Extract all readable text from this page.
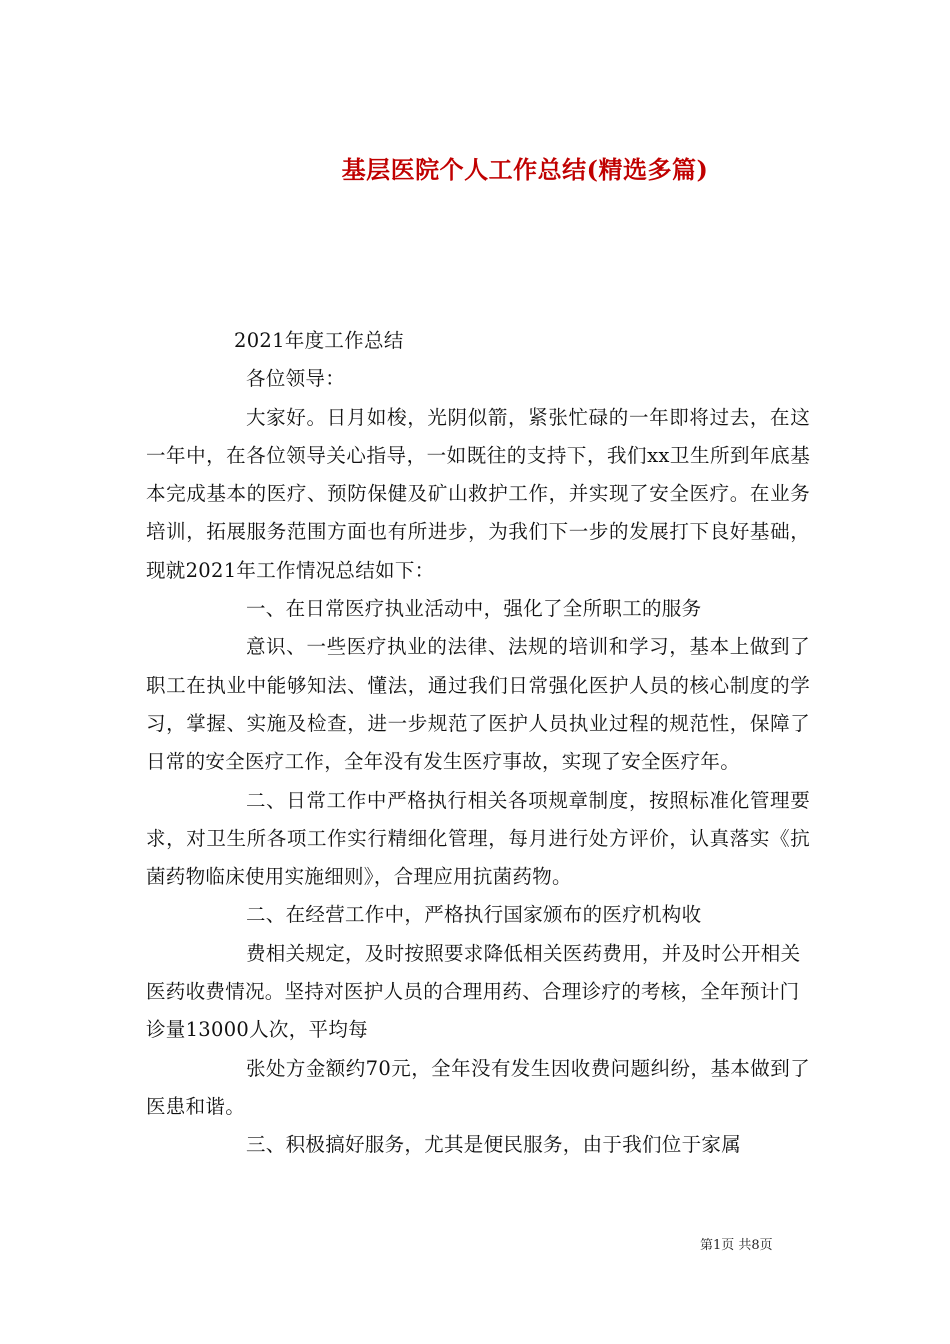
基层医院个人工作总结(精选多篇)

2021年度工作总结

各位领导：

大家好。日月如梭，光阴似箭，紧张忙碌的一年即将过去，在这一年中，在各位领导关心指导，一如既往的支持下，我们xx卫生所到年底基本完成基本的医疗、预防保健及矿山救护工作，并实现了安全医疗。在业务培训，拓展服务范围方面也有所进步，为我们下一步的发展打下良好基础，现就2021年工作情况总结如下：

一、在日常医疗执业活动中，强化了全所职工的服务

意识、一些医疗执业的法律、法规的培训和学习，基本上做到了职工在执业中能够知法、懂法，通过我们日常强化医护人员的核心制度的学习，掌握、实施及检查，进一步规范了医护人员执业过程的规范性，保障了日常的安全医疗工作，全年没有发生医疗事故，实现了安全医疗年。

二、日常工作中严格执行相关各项规章制度，按照标准化管理要求，对卫生所各项工作实行精细化管理，每月进行处方评价，认真落实《抗菌药物临床使用实施细则》，合理应用抗菌药物。

二、在经营工作中，严格执行国家颁布的医疗机构收

费相关规定，及时按照要求降低相关医药费用，并及时公开相关医药收费情况。坚持对医护人员的合理用药、合理诊疗的考核，全年预计门诊量13000人次，平均每

张处方金额约70元，全年没有发生因收费问题纠纷，基本做到了医患和谐。

三、积极搞好服务，尤其是便民服务，由于我们位于家属

第1页 共8页
